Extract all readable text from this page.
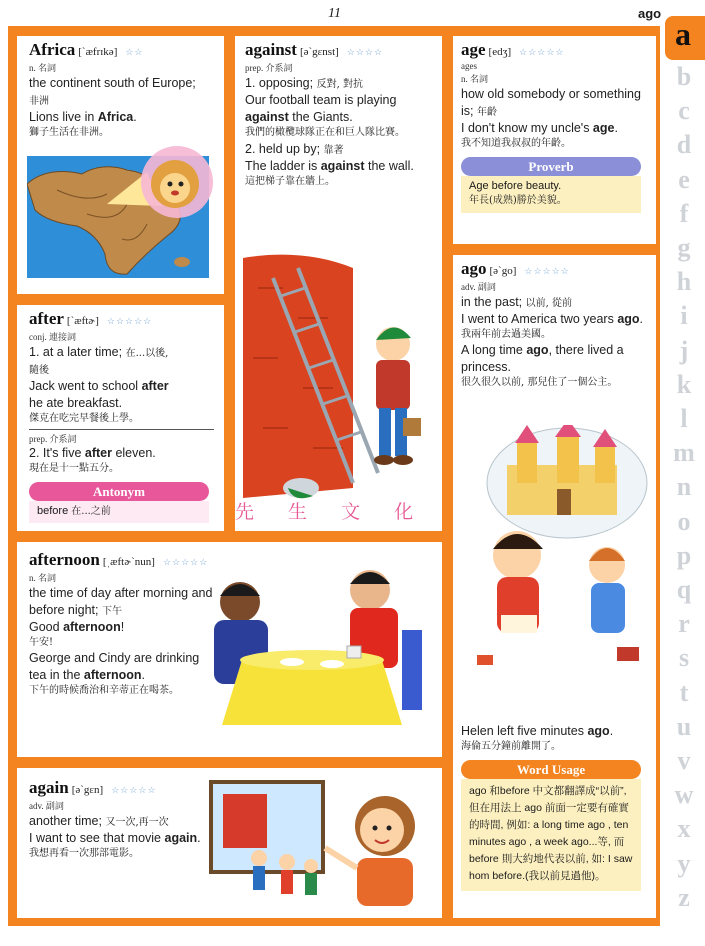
11	ago
a
b
c
d
e
f
g
h
i
j
k
l
m
n
o
p
q
r
s
t
u
v
w
x
y
z
Africa [ˋæfrɪkə] ☆☆
n. 名詞
the continent south of Europe;
非洲
Lions live in Africa.
獅子生活在非洲。
after [ˋæftɚ] ☆☆☆☆☆
conj. 連接詞
1. at a later time; 在...以後,
隨後
Jack went to school after
he ate breakfast.
傑克在吃完早餐後上學。
prep. 介系詞
2. It's five after eleven.
現在是十一點五分。
Antonym
before 在...之前
against [əˋgɛnst] ☆☆☆☆
prep. 介系詞
1. opposing; 反對, 對抗
Our football team is playing against the Giants.
我們的橄欖球隊正在和巨人隊比賽。
2. held up by; 靠著
The ladder is against the wall.
這把梯子靠在牆上。
先 生 文 化
age [edʒ] ☆☆☆☆☆
ages
n. 名詞
how old somebody or something is; 年齡
I don't know my uncle's age.
我不知道我叔叔的年齡。
Proverb
Age before beauty.
年長(成熟)勝於美貌。
ago [əˋgo] ☆☆☆☆☆
adv. 副詞
in the past; 以前, 從前
I went to America two years ago.
我兩年前去過美國。
A long time ago, there lived a princess.
很久很久以前, 那兒住了一個公主。
Helen left five minutes ago.
海倫五分鐘前離開了。
Word Usage
ago 和before 中文都翻譯成“以前”, 但在用法上 ago 前面一定要有確實的時間, 例如: a long time ago , ten minutes ago , a week ago...等, 而 before 則大約地代表以前, 如: I saw hom before.(我以前見過他)。
afternoon [ˌæftɚˋnun] ☆☆☆☆☆
n. 名詞
the time of day after morning and before night; 下午
Good afternoon!
午安!
George and Cindy are drinking tea in the afternoon.
下午的時候喬治和辛蒂正在喝茶。
again [əˋgɛn] ☆☆☆☆☆
adv. 副詞
another time; 又一次,再一次
I want to see that movie again.
我想再看一次那部電影。
